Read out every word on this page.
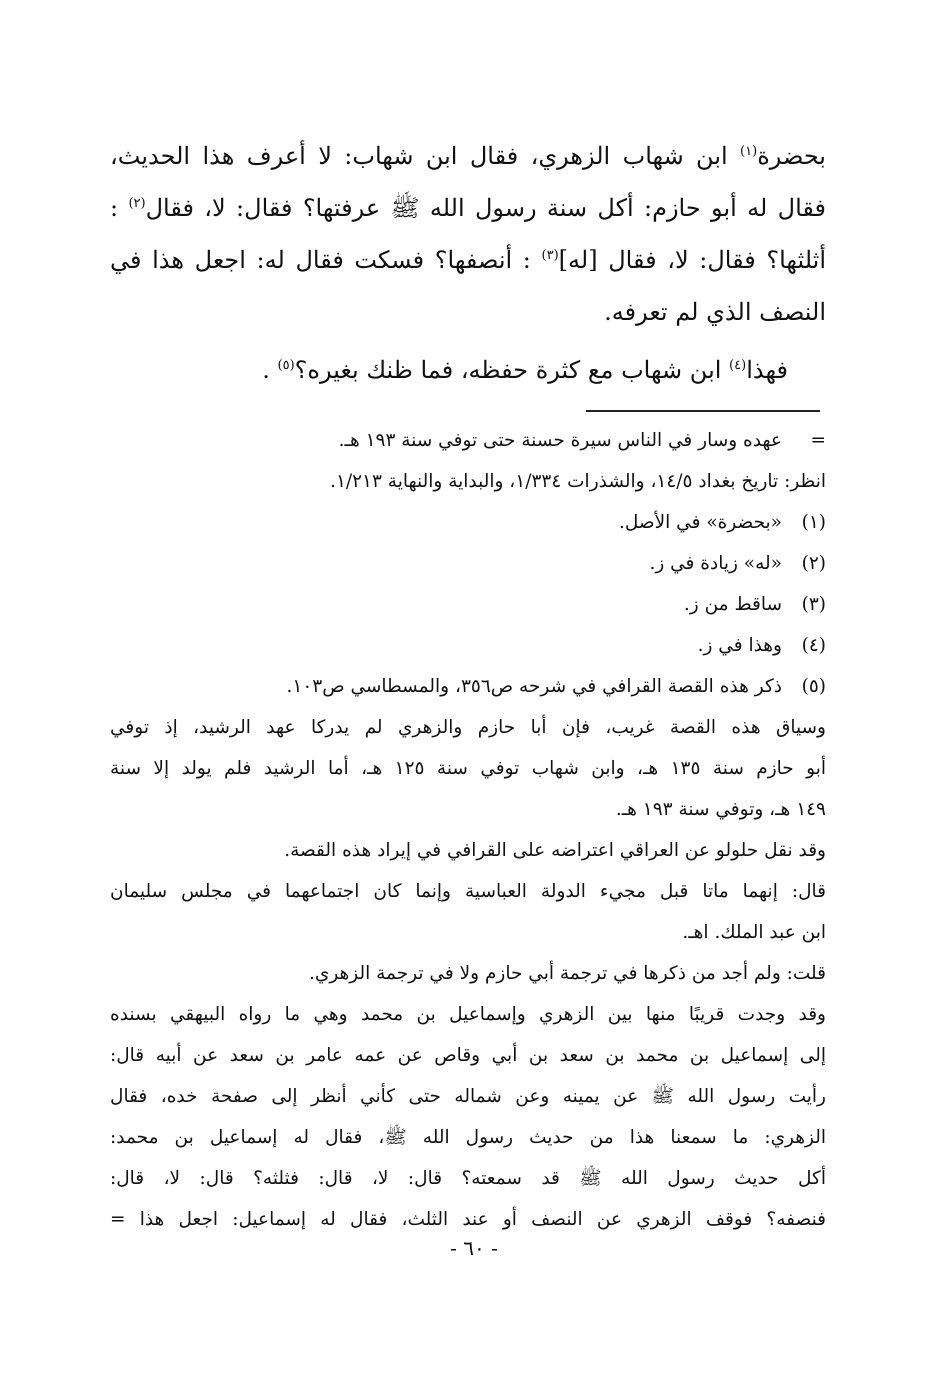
بحضرة$^{(١)}$ ابن شهاب الزهري، فقال ابن شهاب: لا أعرف هذا الحديث،

فقال له أبو حازم: أكل سنة رسول الله ﷺ عرفتها؟ فقال: لا، فقال$^{(٢)}$ :

أثلثها؟ فقال: لا، فقال [له]$^{(٣)}$ : أنصفها؟ فسكت فقال له: اجعل هذا في

النصف الذي لم تعرفه.

فهذا$^{(٤)}$ ابن شهاب مع كثرة حفظه، فما ظنك بغيره؟$^{(٥)}$ .

=
عهده وسار في الناس سيرة حسنة حتى توفي سنة ١٩٣ هـ.
انظر: تاريخ بغداد ١٤/٥، والشذرات ١/٣٣٤، والبداية والنهاية ١/٢١٣.
(١)
«بحضرة» في الأصل.
(٢)
«له» زيادة في ز.
(٣)
ساقط من ز.
(٤)
وهذا في ز.
(٥)
ذكر هذه القصة القرافي في شرحه ص٣٥٦، والمسطاسي ص١٠٣.
وسياق هذه القصة غريب، فإن أبا حازم والزهري لم يدركا عهد الرشيد، إذ توفي
أبو حازم سنة ١٣٥ هـ، وابن شهاب توفي سنة ١٢٥ هـ، أما الرشيد فلم يولد إلا سنة
١٤٩ هـ، وتوفي سنة ١٩٣ هـ.
وقد نقل حلولو عن العراقي اعتراضه على القرافي في إيراد هذه القصة.
قال: إنهما ماتا قبل مجيء الدولة العباسية وإنما كان اجتماعهما في مجلس سليمان
ابن عبد الملك. اهـ.
قلت: ولم أجد من ذكرها في ترجمة أبي حازم ولا في ترجمة الزهري.
وقد وجدت قريبًا منها بين الزهري وإسماعيل بن محمد وهي ما رواه البيهقي بسنده
إلى إسماعيل بن محمد بن سعد بن أبي وقاص عن عمه عامر بن سعد عن أبيه قال:
رأيت رسول الله ﷺ عن يمينه وعن شماله حتى كأني أنظر إلى صفحة خده، فقال
الزهري: ما سمعنا هذا من حديث رسول الله ﷺ، فقال له إسماعيل بن محمد:
أكل حديث رسول الله ﷺ قد سمعته؟ قال: لا، قال: فثلثه؟ قال: لا، قال:
فنصفه؟ فوقف الزهري عن النصف أو عند الثلث، فقال له إسماعيل: اجعل هذا =
- ٦٠ -
